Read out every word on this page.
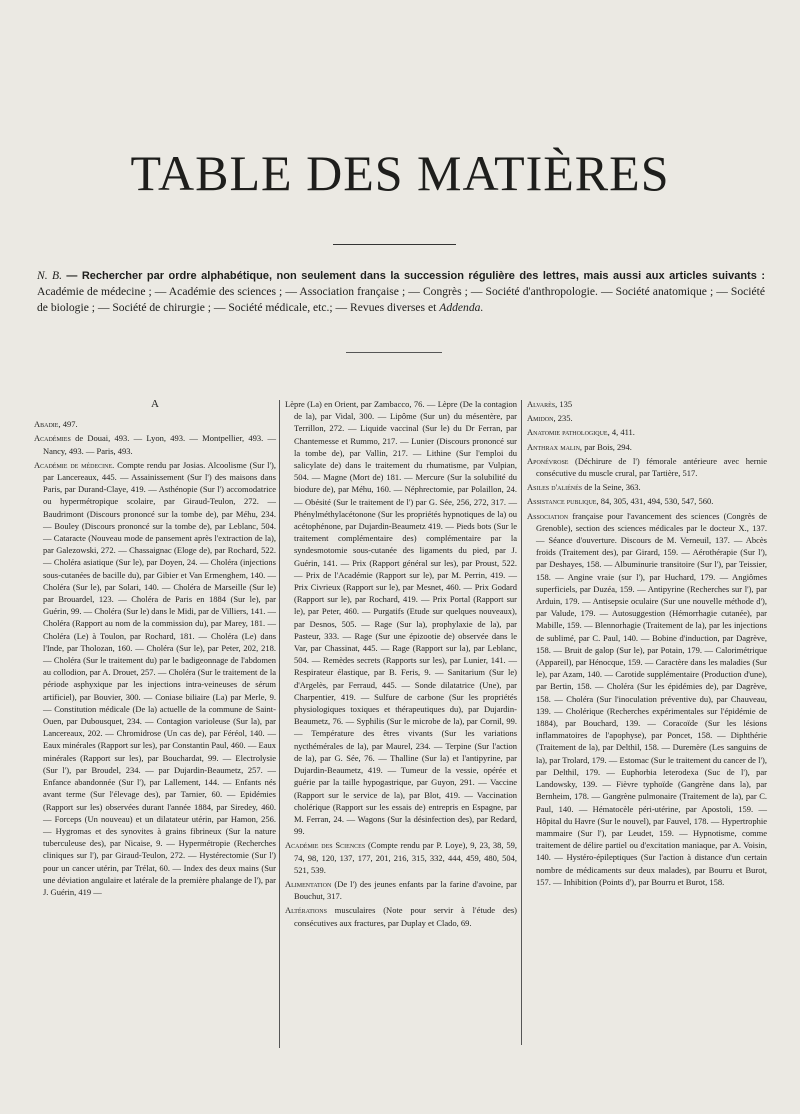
TABLE DES MATIÈRES
N. B. — Rechercher par ordre alphabétique, non seulement dans la succession régulière des lettres, mais aussi aux articles suivants : Académie de médecine ; — Académie des sciences ; — Association française ; — Congrès ; — Société d'anthropologie. — Société anatomique ; — Société de biologie ; — Société de chirurgie ; — Société médicale, etc.; — Revues diverses et Addenda.
A
Abadie, 497.
Académies de Douai, 493. — Lyon, 493. — Montpellier, 493. — Nancy, 493. — Paris, 493.
Académie de médecine. Compte rendu par Josias. Alcoolisme (Sur l'), par Lancereaux, 445. — Assainissement (Sur l') des maisons dans Paris, par Durand-Claye, 419. — Asthénopie (Sur l') accomodatrice ou hypermétropique scolaire, par Giraud-Teulon, 272. — Baudrimont (Discours prononcé sur la tombe de), par Méhu, 234. — Bouley (Discours prononcé sur la tombe de), par Leblanc, 504. — Cataracte (Nouveau mode de pansement après l'extraction de la), par Galezowski, 272. — Chassaignac (Eloge de), par Rochard, 522. — Choléra asiatique (Sur le), par Doyen, 24. — Choléra (injections sous-cutanées de bacille du), par Gibier et Van Ermenghem, 140. — Choléra (Sur le), par Solari, 140. — Choléra de Marseille (Sur le) par Brouardel, 123. — Choléra de Paris en 1884 (Sur le), par Guérin, 99. — Choléra (Sur le) dans le Midi, par de Villiers, 141. — Choléra (Rapport au nom de la commission du), par Marey, 181. — Choléra (Le) à Toulon, par Rochard, 181. — Choléra (Le) dans l'Inde, par Tholozan, 160. — Choléra (Sur le), par Peter, 202, 218. — Choléra (Sur le traitement du) par le badigeonnage de l'abdomen au collodion, par A. Drouet, 257. — Choléra (Sur le traitement de la période asphyxique par les injections intra-veineuses de sérum artificiel), par Bouvier, 300. — Coniase biliaire (La) par Merle, 9. — Constitution médicale (De la) actuelle de la commune de Saint-Ouen, par Dubousquet, 234. — Contagion varioleuse (Sur la), par Lancereaux, 202. — Chromidrose (Un cas de), par Féréol, 140. — Eaux minérales (Rapport sur les), par Constantin Paul, 460. — Eaux minérales (Rapport sur les), par Bouchardat, 99. — Electrolysie (Sur l'), par Broudel, 234. — par Dujardin-Beaumetz, 257. — Enfance abandonnée (Sur l'), par Lallement, 144. — Enfants nés avant terme (Sur l'élevage des), par Tarnier, 60. — Epidémies (Rapport sur les) observées durant l'année 1884, par Siredey, 460. — Forceps (Un nouveau) et un dilatateur utérin, par Hamon, 256. — Hygromas et des synovites à grains fibrineux (Sur la nature tuberculeuse des), par Nicaise, 9. — Hypermétropie (Recherches cliniques sur l'), par Giraud-Teulon, 272. — Hystérectomie (Sur l') pour un cancer utérin, par Trélat, 60. — Index des deux mains (Sur une déviation angulaire et latérale de la première phalange de l'), par J. Guérin, 419 —
Lèpre (La) en Orient, par Zambacco, 76. — Lèpre (De la contagion de la), par Vidal, 300. — Lipôme (Sur un) du mésentère, par Terrillon, 272. — Liquide vaccinal (Sur le) du Dr Ferran, par Chantemesse et Rummo, 217. — Lunier (Discours prononcé sur la tombe de), par Vallin, 217. — Lithine (Sur l'emploi du salicylate de) dans le traitement du rhumatisme, par Vulpian, 504. — Magne (Mort de) 181. — Mercure (Sur la solubilité du biodure de), par Méhu, 160. — Néphrectomie, par Polaillon, 24. — Obésité (Sur le traitement de l') par G. Sée, 256, 272, 317. — Phénylméthylacétonone (Sur les propriétés hypnotiques de la) ou acétophénone, par Dujardin-Beaumetz 419. — Pieds bots (Sur le traitement complémentaire des) complémentaire par la syndesmotomie sous-cutanée des ligaments du pied, par J. Guérin, 141. — Prix (Rapport général sur les), par Proust, 522. — Prix de l'Académie (Rapport sur le), par M. Perrin, 419. — Prix Civrieux (Rapport sur le), par Mesnet, 460. — Prix Godard (Rapport sur le), par Rochard, 419. — Prix Portal (Rapport sur le), par Peter, 460. — Purgatifs (Etude sur quelques nouveaux), par Desnos, 505. — Rage (Sur la), prophylaxie de la), par Pasteur, 333. — Rage (Sur une épizootie de) observée dans le Var, par Chassinat, 445. — Rage (Rapport sur la), par Leblanc, 504. — Remèdes secrets (Rapports sur les), par Lunier, 141. — Respirateur élastique, par B. Feris, 9. — Sanitarium (Sur le) d'Argelès, par Ferraud, 445. — Sonde dilatatrice (Une), par Charpentier, 419. — Sulfure de carbone (Sur les propriétés physiologiques toxiques et thérapeutiques du), par Dujardin-Beaumetz, 76. — Syphilis (Sur le microbe de la), par Cornil, 99. — Température des êtres vivants (Sur les variations nycthémérales de la), par Maurel, 234. — Terpine (Sur l'action de la), par G. Sée, 76. — Thalline (Sur la) et l'antipyrine, par Dujardin-Beaumetz, 419. — Tumeur de la vessie, opérée et guérie par la taille hypogastrique, par Guyon, 291. — Vaccine (Rapport sur le service de la), par Blot, 419. — Vaccination cholérique (Rapport sur les essais de) entrepris en Espagne, par M. Ferran, 24. — Wagons (Sur la désinfection des), par Redard, 99.
Académie des Sciences (Compte rendu par P. Loye), 9, 23, 38, 59, 74, 98, 120, 137, 177, 201, 216, 315, 332, 444, 459, 480, 504, 521, 539.
Alimentation (De l') des jeunes enfants par la farine d'avoine, par Bouchut, 317.
Altérations musculaires (Note pour servir à l'étude des) consécutives aux fractures, par Duplay et Clado, 69.
Alvarès, 135
Amidon, 235.
Anatomie pathologique, 4, 411.
Anthrax malin, par Bois, 294.
Aponévrose (Déchirure de l') fémorale antérieure avec hernie consécutive du muscle crural, par Tartière, 517.
Asiles d'aliénés de la Seine, 363.
Assistance publique, 84, 305, 431, 494, 530, 547, 560.
Association française pour l'avancement des sciences (Congrès de Grenoble), section des sciences médicales par le docteur X., 137. — Séance d'ouverture. Discours de M. Verneuil, 137. — Abcès froids (Traitement des), par Girard, 159. — Aérothérapie (Sur l'), par Deshayes, 158. — Albuminurie transitoire (Sur l'), par Teissier, 158. — Angine vraie (sur l'), par Huchard, 179. — Angiômes superficiels, par Duzéa, 159. — Antipyrine (Recherches sur l'), par Arduin, 179. — Antisepsie oculaire (Sur une nouvelle méthode d'), par Valude, 179. — Autosuggestion (Hémorrhagie cutanée), par Mabille, 159. — Blennorhagie (Traitement de la), par les injections de sublimé, par C. Paul, 140. — Bobine d'induction, par Dagrève, 158. — Bruit de galop (Sur le), par Potain, 179. — Calorimétrique (Appareil), par Hénocque, 159. — Caractère dans les maladies (Sur le), par Azam, 140. — Carotide supplémentaire (Production d'une), par Bertin, 158. — Choléra (Sur les épidémies de), par Dagrève, 158. — Choléra (Sur l'inoculation préventive du), par Chauveau, 139. — Cholérique (Recherches expérimentales sur l'épidémie de 1884), par Bouchard, 139. — Coracoïde (Sur les lésions inflammatoires de l'apophyse), par Poncet, 158. — Diphthérie (Traitement de la), par Delthil, 158. — Duremère (Les sanguins de la), par Trolard, 179. — Estomac (Sur le traitement du cancer de l'), par Delthil, 179. — Euphorbia leterodexa (Suc de l'), par Landowsky, 139. — Fièvre typhoïde (Gangrène dans la), par Bernheim, 178. — Gangrène pulmonaire (Traitement de la), par C. Paul, 140. — Hématocèle péri-utérine, par Apostoli, 159. — Hôpital du Havre (Sur le nouvel), par Fauvel, 178. — Hypertrophie mammaire (Sur l'), par Leudet, 159. — Hypnotisme, comme traitement de délire partiel ou d'excitation maniaque, par A. Voisin, 140. — Hystéro-épileptiques (Sur l'action à distance d'un certain nombre de médicaments sur deux malades), par Bourru et Burot, 157. — Inhibition (Points d'), par Bourru et Burot, 158.
